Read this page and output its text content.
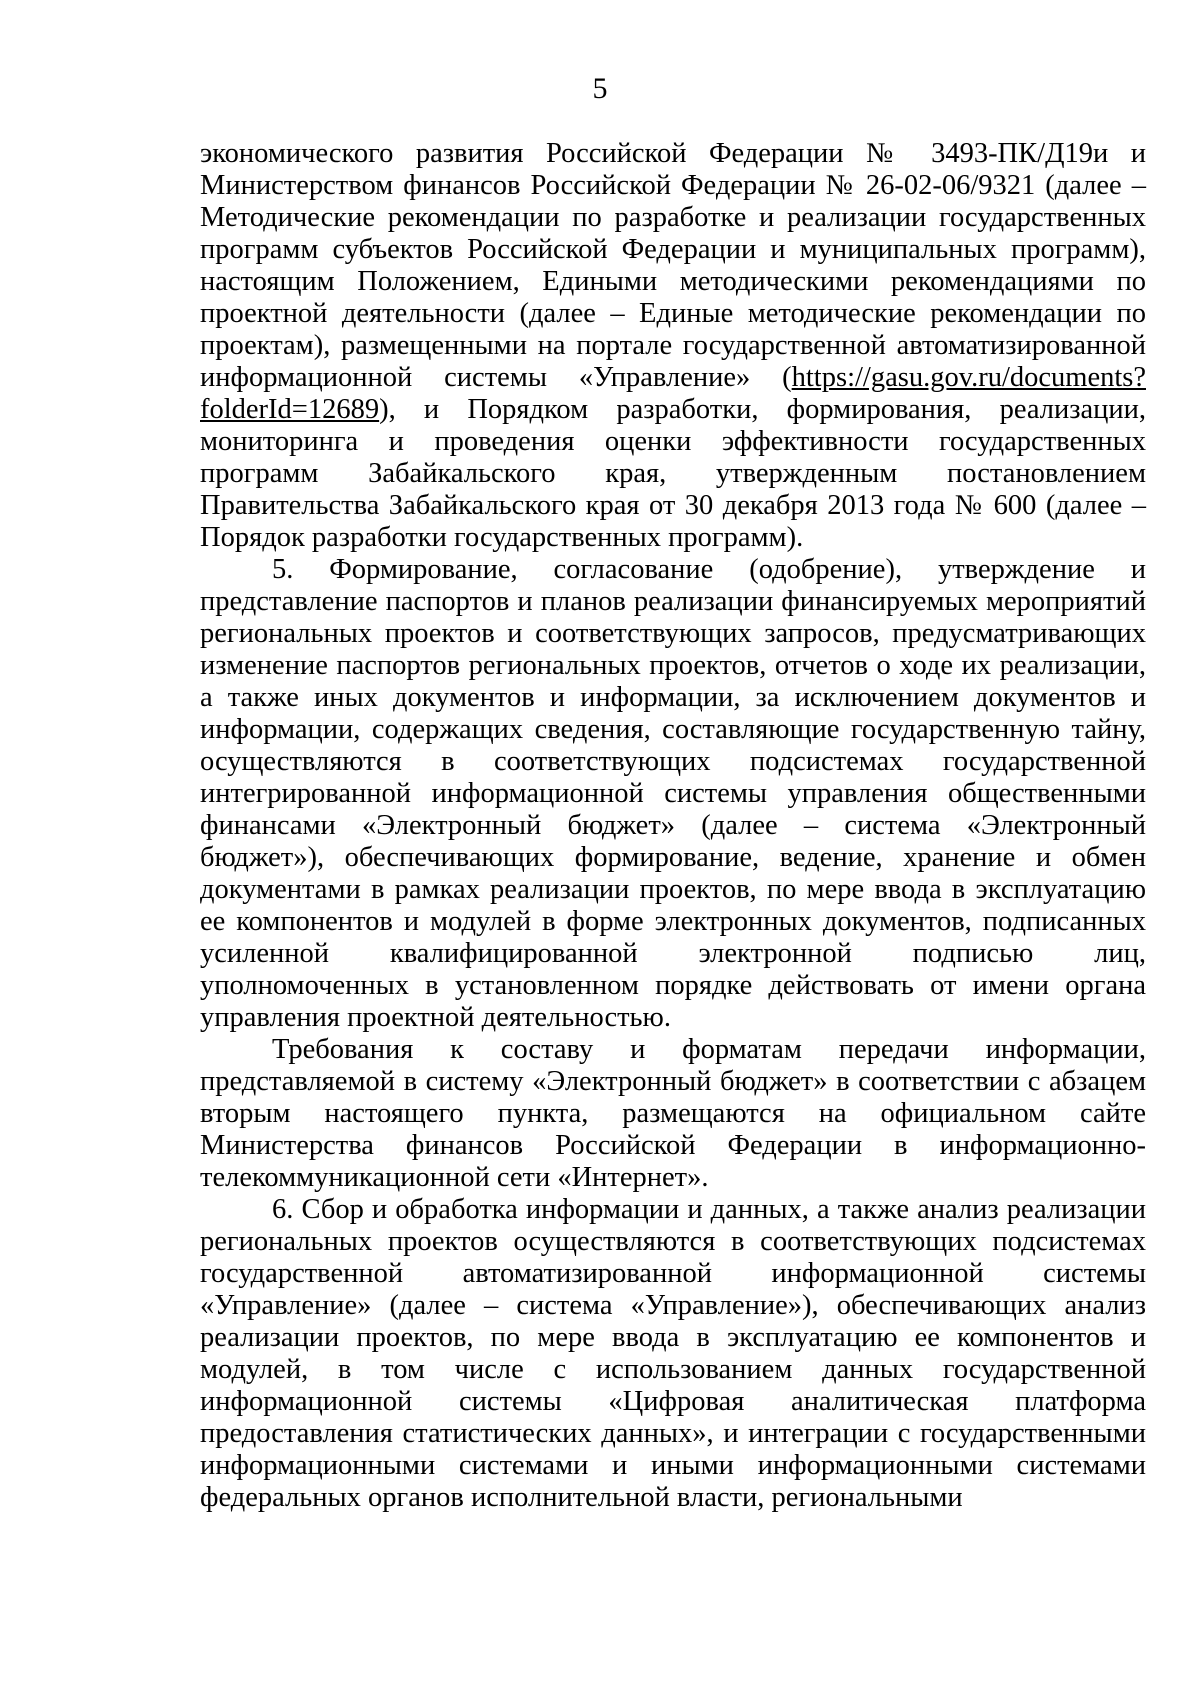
5

экономического развития Российской Федерации № 3493-ПК/Д19и и Министерством финансов Российской Федерации № 26-02-06/9321 (далее – Методические рекомендации по разработке и реализации государственных программ субъектов Российской Федерации и муниципальных программ), настоящим Положением, Едиными методическими рекомендациями по проектной деятельности (далее – Единые методические рекомендации по проектам), размещенными на портале государственной автоматизированной информационной системы «Управление» (https://gasu.gov.ru/documents?folderId=12689), и Порядком разработки, формирования, реализации, мониторинга и проведения оценки эффективности государственных программ Забайкальского края, утвержденным постановлением Правительства Забайкальского края от 30 декабря 2013 года № 600 (далее – Порядок разработки государственных программ).

5. Формирование, согласование (одобрение), утверждение и представление паспортов и планов реализации финансируемых мероприятий региональных проектов и соответствующих запросов, предусматривающих изменение паспортов региональных проектов, отчетов о ходе их реализации, а также иных документов и информации, за исключением документов и информации, содержащих сведения, составляющие государственную тайну, осуществляются в соответствующих подсистемах государственной интегрированной информационной системы управления общественными финансами «Электронный бюджет» (далее – система «Электронный бюджет»), обеспечивающих формирование, ведение, хранение и обмен документами в рамках реализации проектов, по мере ввода в эксплуатацию ее компонентов и модулей в форме электронных документов, подписанных усиленной квалифицированной электронной подписью лиц, уполномоченных в установленном порядке действовать от имени органа управления проектной деятельностью.

Требования к составу и форматам передачи информации, представляемой в систему «Электронный бюджет» в соответствии с абзацем вторым настоящего пункта, размещаются на официальном сайте Министерства финансов Российской Федерации в информационно-телекоммуникационной сети «Интернет».

6. Сбор и обработка информации и данных, а также анализ реализации региональных проектов осуществляются в соответствующих подсистемах государственной автоматизированной информационной системы «Управление» (далее – система «Управление»), обеспечивающих анализ реализации проектов, по мере ввода в эксплуатацию ее компонентов и модулей, в том числе с использованием данных государственной информационной системы «Цифровая аналитическая платформа предоставления статистических данных», и интеграции с государственными информационными системами и иными информационными системами федеральных органов исполнительной власти, региональными
